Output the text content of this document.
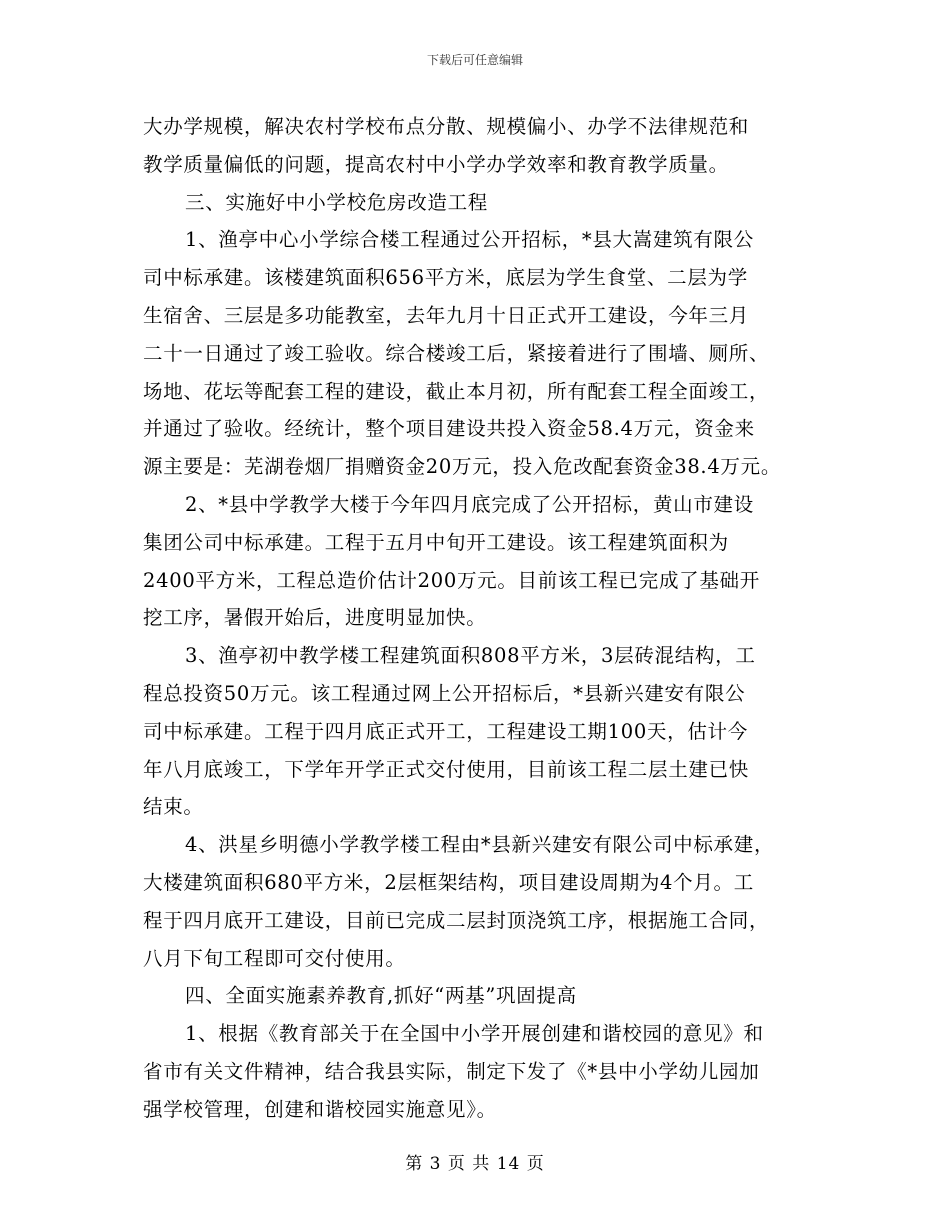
下载后可任意编辑
大办学规模，解决农村学校布点分散、规模偏小、办学不法律规范和
教学质量偏低的问题，提高农村中小学办学效率和教育教学质量。
三、实施好中小学校危房改造工程
1、渔亭中心小学综合楼工程通过公开招标，*县大嵩建筑有限公
司中标承建。该楼建筑面积656平方米，底层为学生食堂、二层为学
生宿舍、三层是多功能教室，去年九月十日正式开工建设，今年三月
二十一日通过了竣工验收。综合楼竣工后，紧接着进行了围墙、厕所、
场地、花坛等配套工程的建设，截止本月初，所有配套工程全面竣工，
并通过了验收。经统计，整个项目建设共投入资金58.4万元，资金来
源主要是：芜湖卷烟厂捐赠资金20万元，投入危改配套资金38.4万元。
2、*县中学教学大楼于今年四月底完成了公开招标，黄山市建设
集团公司中标承建。工程于五月中旬开工建设。该工程建筑面积为
2400平方米，工程总造价估计200万元。目前该工程已完成了基础开
挖工序，暑假开始后，进度明显加快。
3、渔亭初中教学楼工程建筑面积808平方米，3层砖混结构，工
程总投资50万元。该工程通过网上公开招标后，*县新兴建安有限公
司中标承建。工程于四月底正式开工，工程建设工期100天，估计今
年八月底竣工，下学年开学正式交付使用，目前该工程二层土建已快
结束。
4、洪星乡明德小学教学楼工程由*县新兴建安有限公司中标承建，
大楼建筑面积680平方米，2层框架结构，项目建设周期为4个月。工
程于四月底开工建设，目前已完成二层封顶浇筑工序，根据施工合同，
八月下旬工程即可交付使用。
四、全面实施素养教育,抓好“两基”巩固提高
1、根据《教育部关于在全国中小学开展创建和谐校园的意见》和
省市有关文件精神，结合我县实际，制定下发了《*县中小学幼儿园加
强学校管理，创建和谐校园实施意见》。
第 3 页 共 14 页
